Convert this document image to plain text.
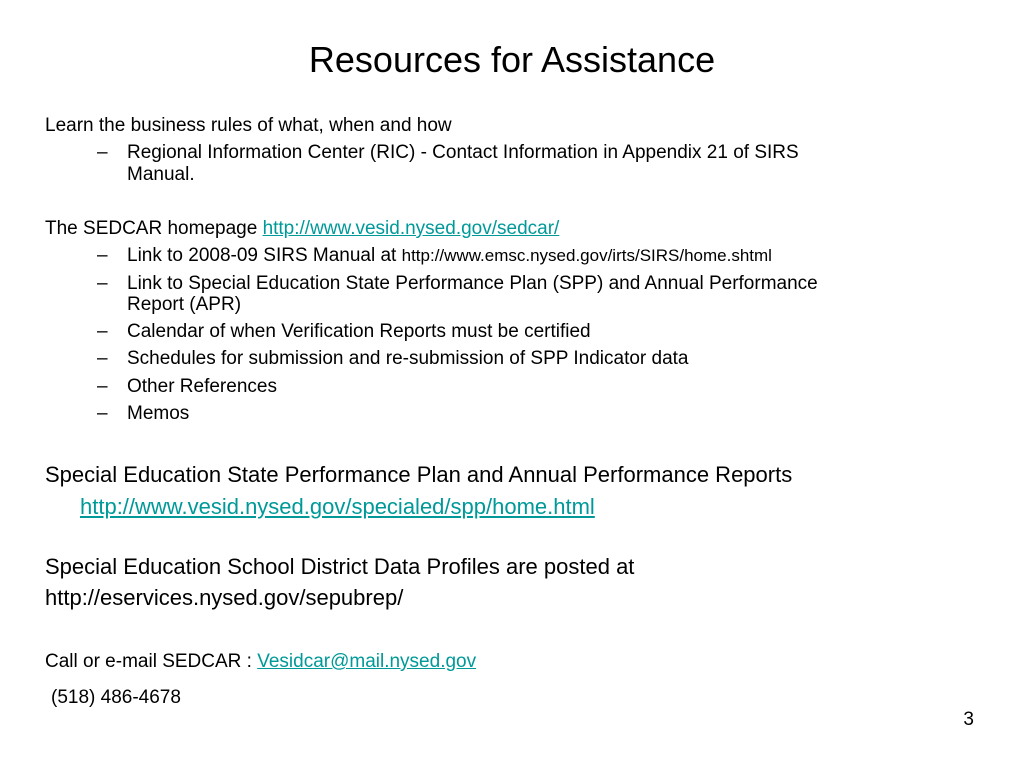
Resources for Assistance
Learn the business rules of what, when and how
– Regional Information Center (RIC) - Contact Information in Appendix 21 of SIRS
Manual.
The SEDCAR homepage http://www.vesid.nysed.gov/sedcar/
– Link to 2008-09 SIRS Manual at http://www.emsc.nysed.gov/irts/SIRS/home.shtml
– Link to Special Education State Performance Plan (SPP) and Annual Performance
Report (APR)
– Calendar of when Verification Reports must be certified
– Schedules for submission and re-submission of SPP Indicator data
– Other References
– Memos
Special Education State Performance Plan and Annual Performance Reports
http://www.vesid.nysed.gov/specialed/spp/home.html
Special Education School District Data Profiles are posted at
http://eservices.nysed.gov/sepubrep/
Call or e-mail SEDCAR : Vesidcar@mail.nysed.gov
(518) 486-4678
3
